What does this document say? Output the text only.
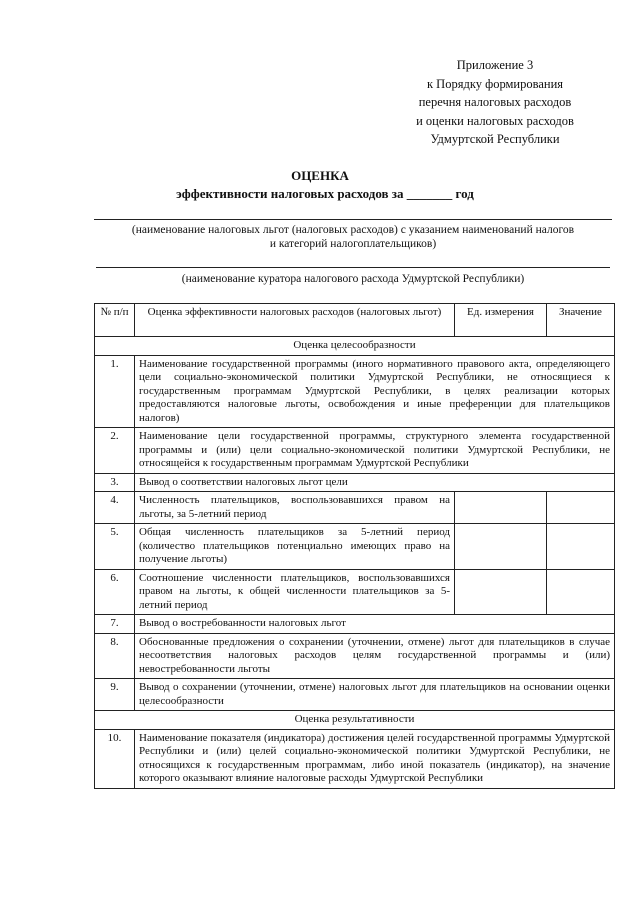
Приложение 3
к Порядку формирования
перечня налоговых расходов
и оценки налоговых расходов
Удмуртской Республики
ОЦЕНКА
эффективности налоговых расходов за _______ год
(наименование налоговых льгот (налоговых расходов) с указанием наименований налогов
и категорий налогоплательщиков)
(наименование куратора налогового расхода Удмуртской Республики)
№ п/п	Оценка эффективности налоговых расходов (налоговых льгот)	Ед. измерения	Значение
Оценка целесообразности			
1.	Наименование государственной программы (иного нормативного правового акта, определяющего цели социально-экономической политики Удмуртской Республики, не относящиеся к государственным программам Удмуртской Республики, в целях реализации которых предоставляются налоговые льготы, освобождения и иные преференции для плательщиков налогов)		
2.	Наименование цели государственной программы, структурного элемента государственной программы и (или) цели социально-экономической политики Удмуртской Республики, не относящейся к государственным программам Удмуртской Республики		
3.	Вывод о соответствии налоговых льгот цели		
4.	Численность плательщиков, воспользовавшихся правом на льготы, за 5-летний период		
5.	Общая численность плательщиков за 5-летний период (количество плательщиков потенциально имеющих право на получение льготы)		
6.	Соотношение численности плательщиков, воспользовавшихся правом на льготы, к общей численности плательщиков за 5-летний период		
7.	Вывод о востребованности налоговых льгот		
8.	Обоснованные предложения о сохранении (уточнении, отмене) льгот для плательщиков в случае несоответствия налоговых расходов целям государственной программы и (или) невостребованности льготы		
9.	Вывод о сохранении (уточнении, отмене) налоговых льгот для плательщиков на основании оценки целесообразности		
Оценка результативности			
10.	Наименование показателя (индикатора) достижения целей государственной программы Удмуртской Республики и (или) целей социально-экономической политики Удмуртской Республики, не относящихся к государственным программам, либо иной показатель (индикатор), на значение которого оказывают влияние налоговые расходы Удмуртской Республики		
